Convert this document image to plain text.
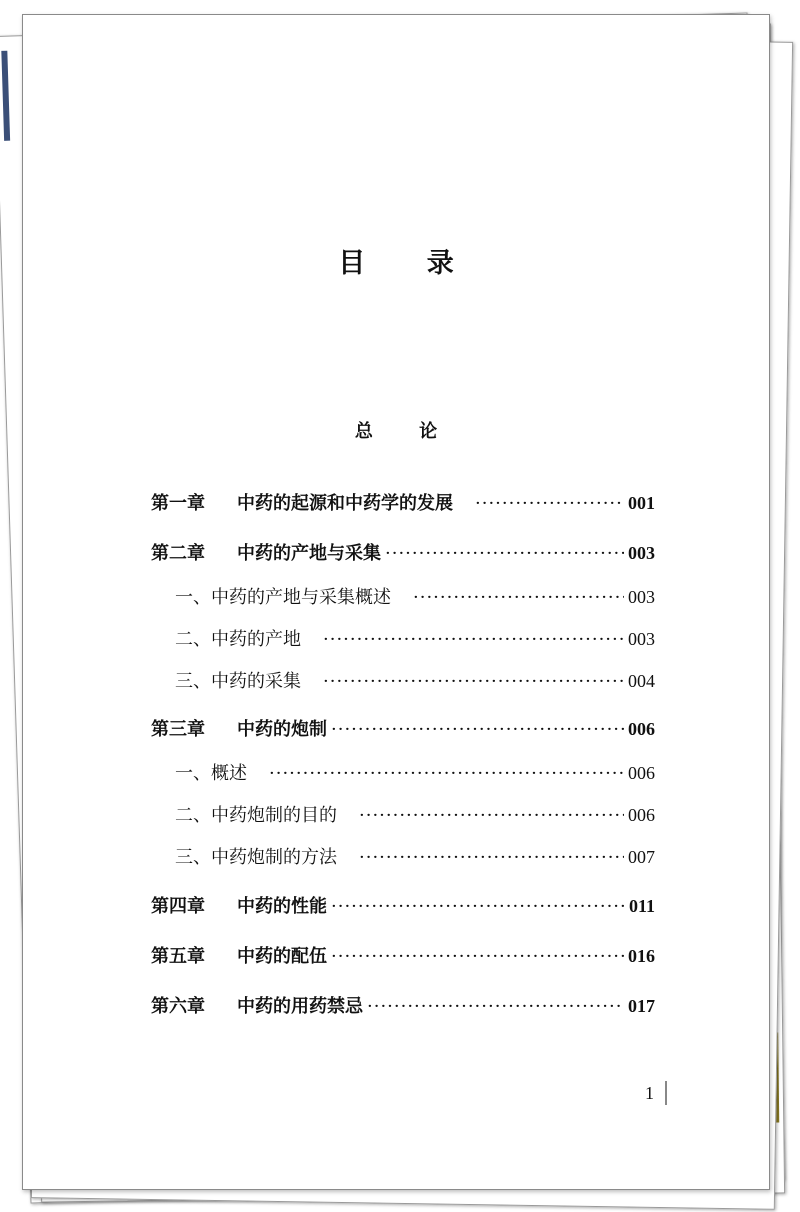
目 录
总 论
第一章	中药的起源和中药学的发展 ·····	001
第二章	中药的产地与采集 ·····	003
一、中药的产地与采集概述 ·····	003
二、中药的产地 ·····	003
三、中药的采集 ·····	004
第三章	中药的炮制 ·····	006
一、概述 ·····	006
二、中药炮制的目的 ·····	006
三、中药炮制的方法 ·····	007
第四章	中药的性能 ·····	011
第五章	中药的配伍 ·····	016
第六章	中药的用药禁忌 ·····	017
1
